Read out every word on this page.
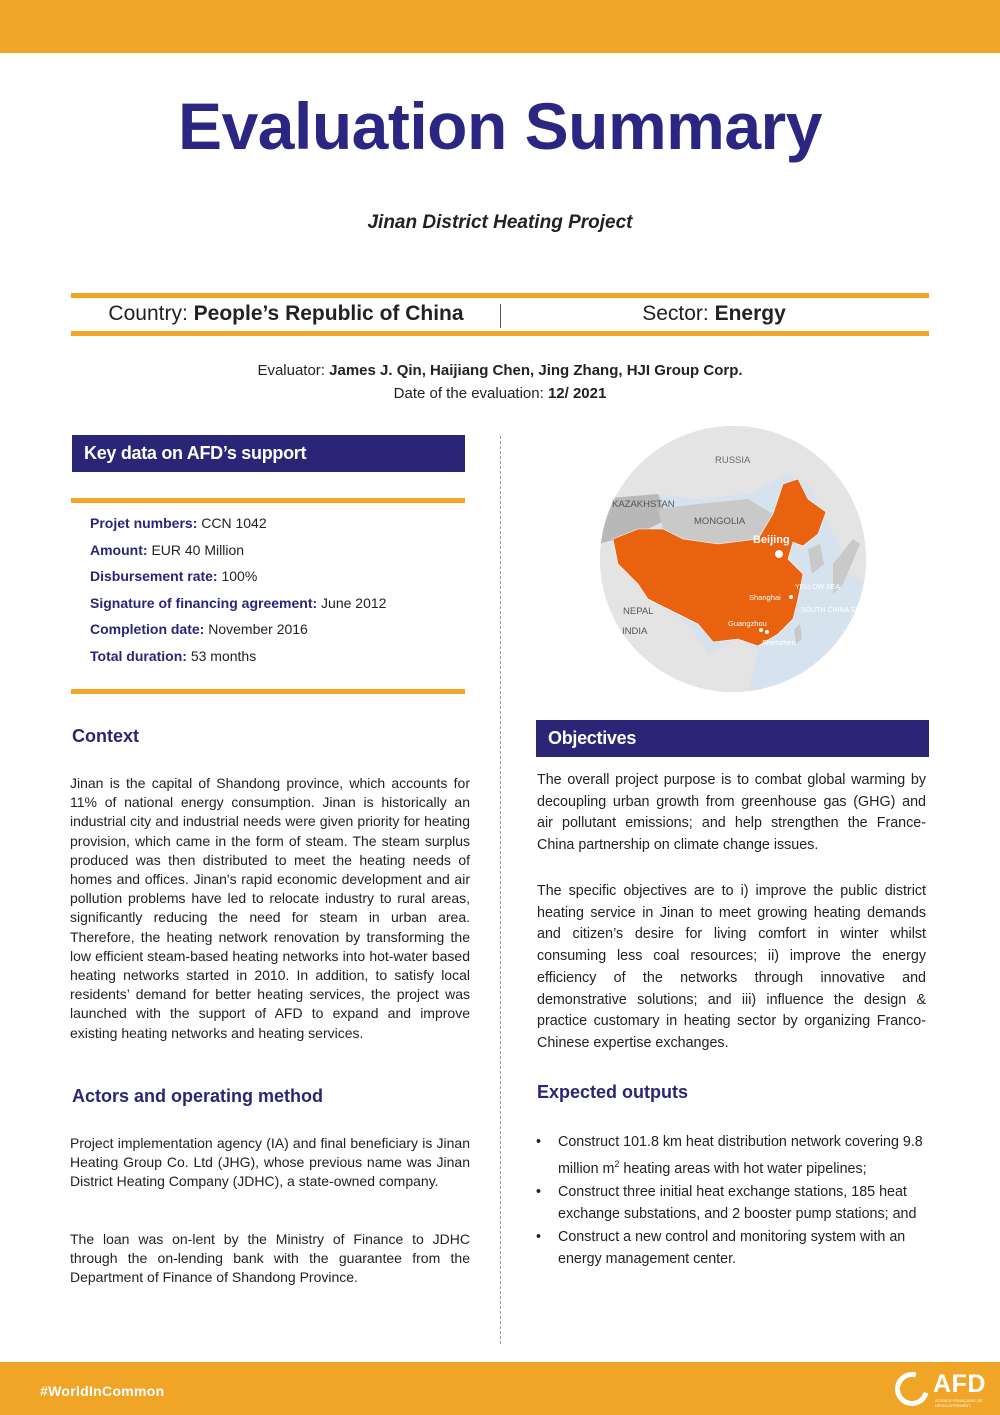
Evaluation Summary
Jinan District Heating Project
Country: People’s Republic of China	Sector: Energy
Evaluator: James J. Qin, Haijiang Chen, Jing Zhang, HJI Group Corp.
Date of the evaluation: 12/ 2021
Key data on AFD’s support
Projet numbers: CCN 1042
Amount: EUR 40 Million
Disbursement rate: 100%
Signature of financing agreement: June 2012
Completion date: November 2016
Total duration: 53 months
RUSSIA
KAZAKHSTAN
MONGOLIA
Beijing
YELLOW SEA
Shanghai
SOUTH CHINA SEA
NEPAL
INDIA
Guangzhou
Shenzhen
Context
Jinan is the capital of Shandong province, which accounts for 11% of national energy consumption. Jinan is historically an industrial city and industrial needs were given priority for heating provision, which came in the form of steam. The steam surplus produced was then distributed to meet the heating needs of homes and offices. Jinan's rapid economic development and air pollution problems have led to relocate industry to rural areas, significantly reducing the need for steam in urban area. Therefore, the heating network renovation by transforming the low efficient steam-based heating networks into hot-water based heating networks started in 2010. In addition, to satisfy local residents’ demand for better heating services, the project was launched with the support of AFD to expand and improve existing heating networks and heating services.
Actors and operating method
Project implementation agency (IA) and final beneficiary is Jinan Heating Group Co. Ltd (JHG), whose previous name was Jinan District Heating Company (JDHC), a state-owned company.
The loan was on-lent by the Ministry of Finance to JDHC through the on-lending bank with the guarantee from the Department of Finance of Shandong Province.
Objectives
The overall project purpose is to combat global warming by decoupling urban growth from greenhouse gas (GHG) and air pollutant emissions; and help strengthen the France-China partnership on climate change issues.
The specific objectives are to i) improve the public district heating service in Jinan to meet growing heating demands and citizen’s desire for living comfort in winter whilst consuming less coal resources; ii) improve the energy efficiency of the networks through innovative and demonstrative solutions; and iii) influence the design & practice customary in heating sector by organizing Franco-Chinese expertise exchanges.
Expected outputs
• Construct 101.8 km heat distribution network covering 9.8 million $m^2$ heating areas with hot water pipelines;
• Construct three initial heat exchange stations, 185 heat exchange substations, and 2 booster pump stations; and
• Construct a new control and monitoring system with an energy management center.
#WorldInCommon	AFD
AGENCE FRANÇAISE DE DÉVELOPPEMENT
